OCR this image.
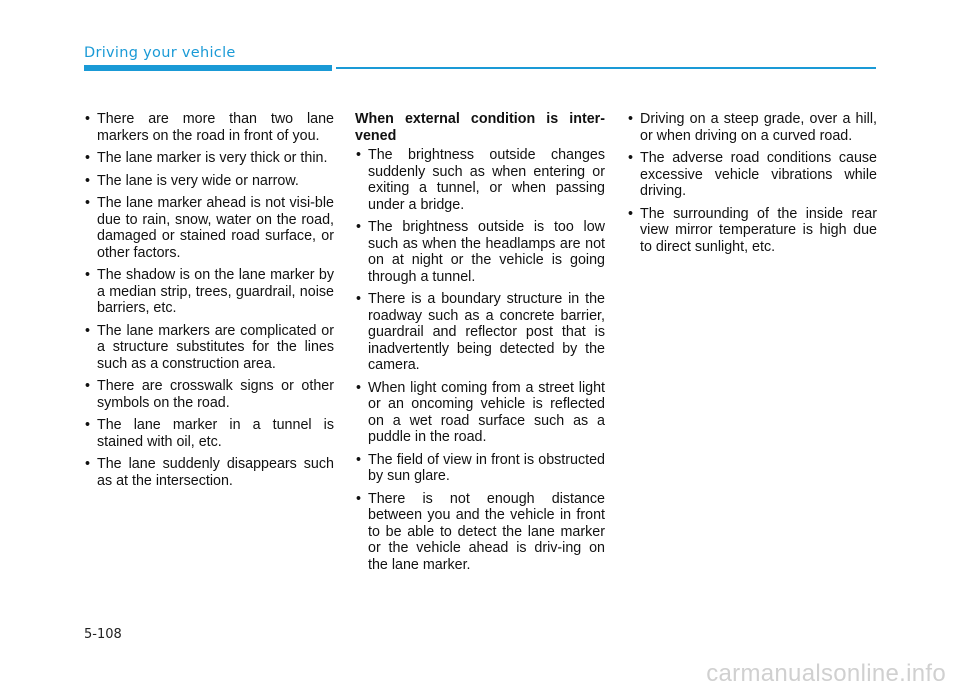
Driving your vehicle
• There are more than two lane markers on the road in front of you.
• The lane marker is very thick or thin.
• The lane is very wide or narrow.
• The lane marker ahead is not visi-ble due to rain, snow, water on the road, damaged or stained road surface, or other factors.
• The shadow is on the lane marker by a median strip, trees, guardrail, noise barriers, etc.
• The lane markers are complicated or a structure substitutes for the lines such as a construction area.
• There are crosswalk signs or other symbols on the road.
• The lane marker in a tunnel is stained with oil, etc.
• The lane suddenly disappears such as at the intersection.
When external condition is inter-vened
• The brightness outside changes suddenly such as when entering or exiting a tunnel, or when passing under a bridge.
• The brightness outside is too low such as when the headlamps are not on at night or the vehicle is going through a tunnel.
• There is a boundary structure in the roadway such as a concrete barrier, guardrail and reflector post that is inadvertently being detected by the camera.
• When light coming from a street light or an oncoming vehicle is reflected on a wet road surface such as a puddle in the road.
• The field of view in front is obstructed by sun glare.
• There is not enough distance between you and the vehicle in front to be able to detect the lane marker or the vehicle ahead is driv-ing on the lane marker.
• Driving on a steep grade, over a hill, or when driving on a curved road.
• The adverse road conditions cause excessive vehicle vibrations while driving.
• The surrounding of the inside rear view mirror temperature is high due to direct sunlight, etc.
5-108
carmanualsonline.info
